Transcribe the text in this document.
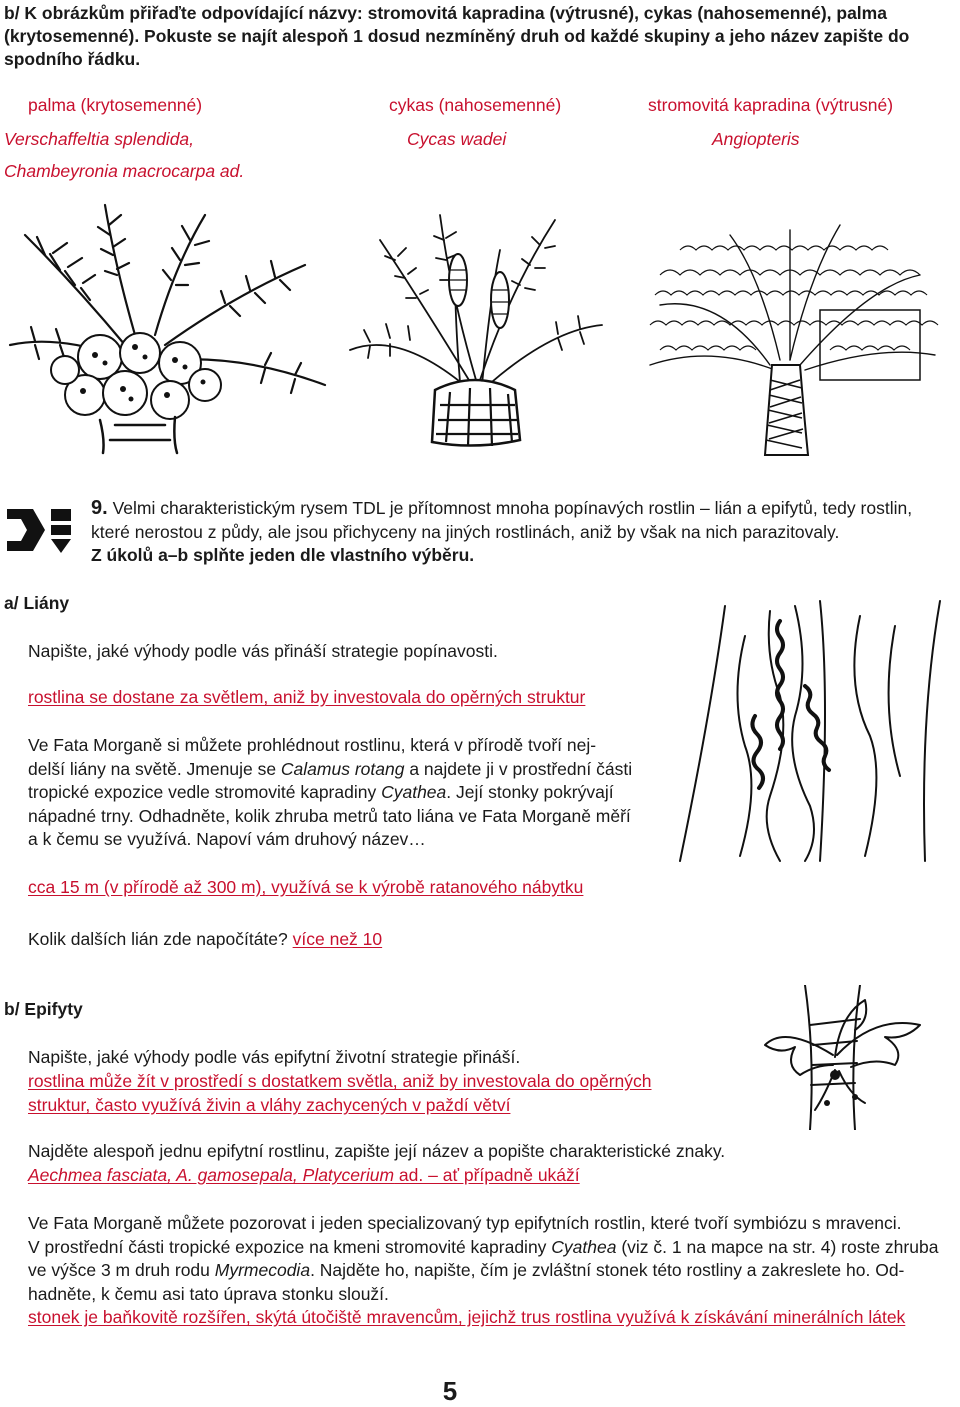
b/ K obrázkům přiřaďte odpovídající názvy: stromovitá kapradina (výtrusné), cykas (nahosemenné), palma (krytosemenné). Pokuste se najít alespoň 1 dosud nezmíněný druh od každé skupiny a jeho název zapište do spodního řádku.
palma (krytosemenné)	cykas (nahosemenné)	stromovitá kapradina (výtrusné)
Verschaffeltia splendida,	Cycas wadei	Angiopteris
Chambeyronia macrocarpa ad.
9. Velmi charakteristickým rysem TDL je přítomnost mnoha popínavých rostlin – lián a epifytů, tedy rostlin, které nerostou z půdy, ale jsou přichyceny na jiných rostlinách, aniž by však na nich parazitovaly.
Z úkolů a–b splňte jeden dle vlastního výběru.
a/ Liány
Napište, jaké výhody podle vás přináší strategie popínavosti.
rostlina se dostane za světlem, aniž by investovala do opěrných struktur
Ve Fata Morganě si můžete prohlédnout rostlinu, která v přírodě tvoří nej-
delší liány na světě. Jmenuje se Calamus rotang a najdete ji v prostřední části
tropické expozice vedle stromovité kapradiny Cyathea. Její stonky pokrývají
nápadné trny. Odhadněte, kolik zhruba metrů tato liána ve Fata Morganě měří
a k čemu se využívá. Napoví vám druhový název…
cca 15 m (v přírodě až 300 m), využívá se k výrobě ratanového nábytku
Kolik dalších lián zde napočítáte? více než 10
b/ Epifyty
Napište, jaké výhody podle vás epifytní životní strategie přináší.
rostlina může žít v prostředí s dostatkem světla, aniž by investovala do opěrných
struktur, často využívá živin a vláhy zachycených v paždí větví
Najděte alespoň jednu epifytní rostlinu, zapište její název a popište charakteristické znaky.
Aechmea fasciata, A. gamosepala, Platycerium ad. – ať případně ukáží
Ve Fata Morganě můžete pozorovat i jeden specializovaný typ epifytních rostlin, které tvoří symbiózu s mravenci.
V prostřední části tropické expozice na kmeni stromovité kapradiny Cyathea (viz č. 1 na mapce na str. 4) roste zhruba
ve výšce 3 m druh rodu Myrmecodia. Najděte ho, napište, čím je zvláštní stonek této rostliny a zakreslete ho. Od-
hadněte, k čemu asi tato úprava stonku slouží.
stonek je baňkovitě rozšířen, skýtá útočiště mravencům, jejichž trus rostlina využívá k získávání minerálních látek
5
